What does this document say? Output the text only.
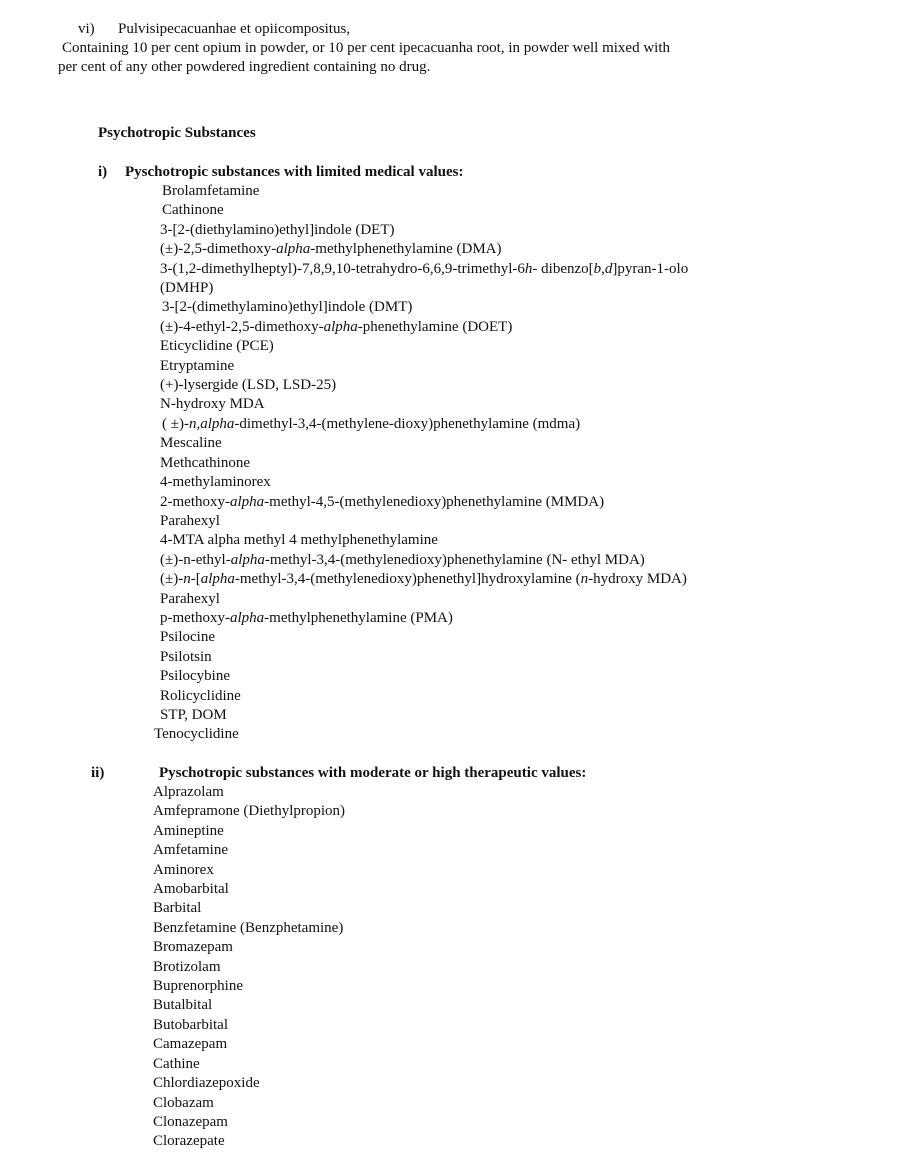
vi) Pulvisipecacuanhae et opiicompositus,
Containing 10 per cent opium in powder, or 10 per cent ipecacuanha root, in powder well mixed with
per cent of any other powdered ingredient containing no drug.
Psychotropic Substances
i) Pyschotropic substances with limited medical values:
Brolamfetamine
Cathinone
3-[2-(diethylamino)ethyl]indole (DET)
(±)-2,5-dimethoxy-alpha-methylphenethylamine (DMA)
3-(1,2-dimethylheptyl)-7,8,9,10-tetrahydro-6,6,9-trimethyl-6h- dibenzo[b,d]pyran-1-olo
(DMHP)
3-[2-(dimethylamino)ethyl]indole (DMT)
(±)-4-ethyl-2,5-dimethoxy-alpha-phenethylamine (DOET)
Eticyclidine (PCE)
Etryptamine
(+)-lysergide (LSD, LSD-25)
N-hydroxy MDA
( ±)-n,alpha-dimethyl-3,4-(methylene-dioxy)phenethylamine (mdma)
Mescaline
Methcathinone
4-methylaminorex
2-methoxy-alpha-methyl-4,5-(methylenedioxy)phenethylamine (MMDA)
Parahexyl
4-MTA alpha methyl 4 methylphenethylamine
(±)-n-ethyl-alpha-methyl-3,4-(methylenedioxy)phenethylamine (N- ethyl MDA)
(±)-n-[alpha-methyl-3,4-(methylenedioxy)phenethyl]hydroxylamine (n-hydroxy MDA)
Parahexyl
p-methoxy-alpha-methylphenethylamine (PMA)
Psilocine
Psilotsin
Psilocybine
Rolicyclidine
STP, DOM
Tenocyclidine
ii)	Pyschotropic substances with moderate or high therapeutic values:
Alprazolam
Amfepramone (Diethylpropion)
Amineptine
Amfetamine
Aminorex
Amobarbital
Barbital
Benzfetamine (Benzphetamine)
Bromazepam
Brotizolam
Buprenorphine
Butalbital
Butobarbital
Camazepam
Cathine
Chlordiazepoxide
Clobazam
Clonazepam
Clorazepate
